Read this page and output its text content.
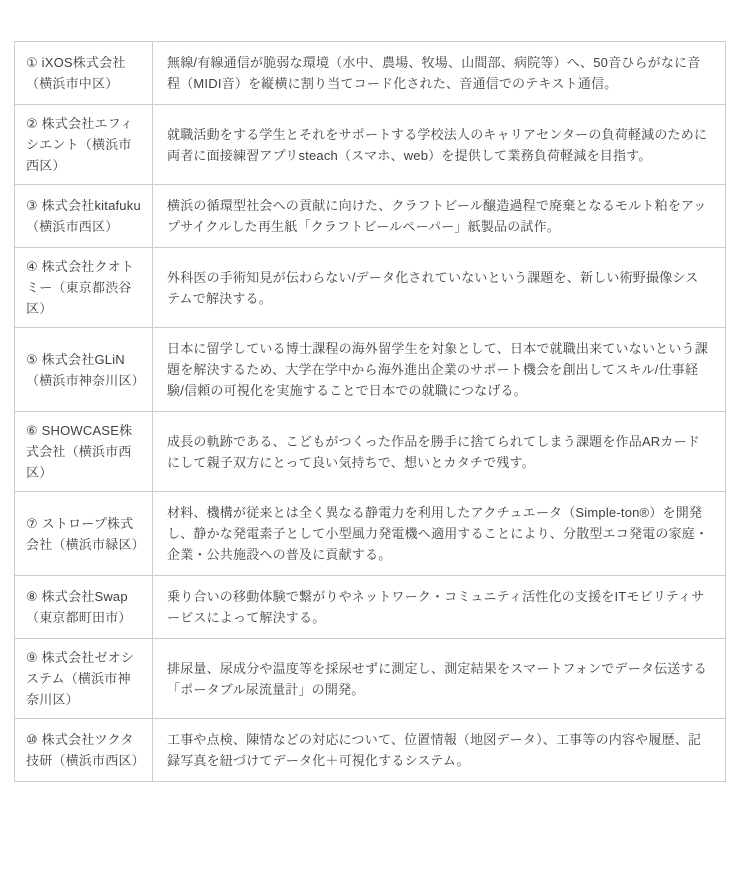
① iXOS株式会社（横浜市中区）	無線/有線通信が脆弱な環境（水中、農場、牧場、山間部、病院等）へ、50音ひらがなに音程（MIDI音）を縦横に割り当てコード化された、音通信でのテキスト通信。
② 株式会社エフィシエント（横浜市西区）	就職活動をする学生とそれをサポートする学校法人のキャリアセンターの負荷軽減のために両者に面接練習アプリsteach（スマホ、web）を提供して業務負荷軽減を目指す。
③ 株式会社kitafuku（横浜市西区）	横浜の循環型社会への貢献に向けた、クラフトビール醸造過程で廃棄となるモルト粕をアップサイクルした再生紙「クラフトビールペーパー」紙製品の試作。
④ 株式会社クオトミー（東京都渋谷区）	外科医の手術知見が伝わらない/データ化されていないという課題を、新しい術野撮像システムで解決する。
⑤ 株式会社GLiN （横浜市神奈川区）	日本に留学している博士課程の海外留学生を対象として、日本で就職出来ていないという課題を解決するため、大学在学中から海外進出企業のサポート機会を創出してスキル/仕事経験/信頼の可視化を実施することで日本での就職につなげる。
⑥ SHOWCASE株式会社（横浜市西区）	成長の軌跡である、こどもがつくった作品を勝手に捨てられてしまう課題を作品ARカードにして親子双方にとって良い気持ちで、想いとカタチで残す。
⑦ ストロープ株式会社（横浜市緑区）	材料、機構が従来とは全く異なる静電力を利用したアクチュエータ（Simple-ton®）を開発し、静かな発電素子として小型風力発電機へ適用することにより、分散型エコ発電の家庭・企業・公共施設への普及に貢献する。
⑧ 株式会社Swap（東京都町田市）	乗り合いの移動体験で繋がりやネットワーク・コミュニティ活性化の支援をITモビリティサービスによって解決する。
⑨ 株式会社ゼオシステム（横浜市神奈川区）	排尿量、尿成分や温度等を採尿せずに測定し、測定結果をスマートフォンでデータ伝送する「ポータブル尿流量計」の開発。
⑩ 株式会社ツクタ技研（横浜市西区）	工事や点検、陳情などの対応について、位置情報（地図データ）、工事等の内容や履歴、記録写真を紐づけてデータ化＋可視化するシステム。
